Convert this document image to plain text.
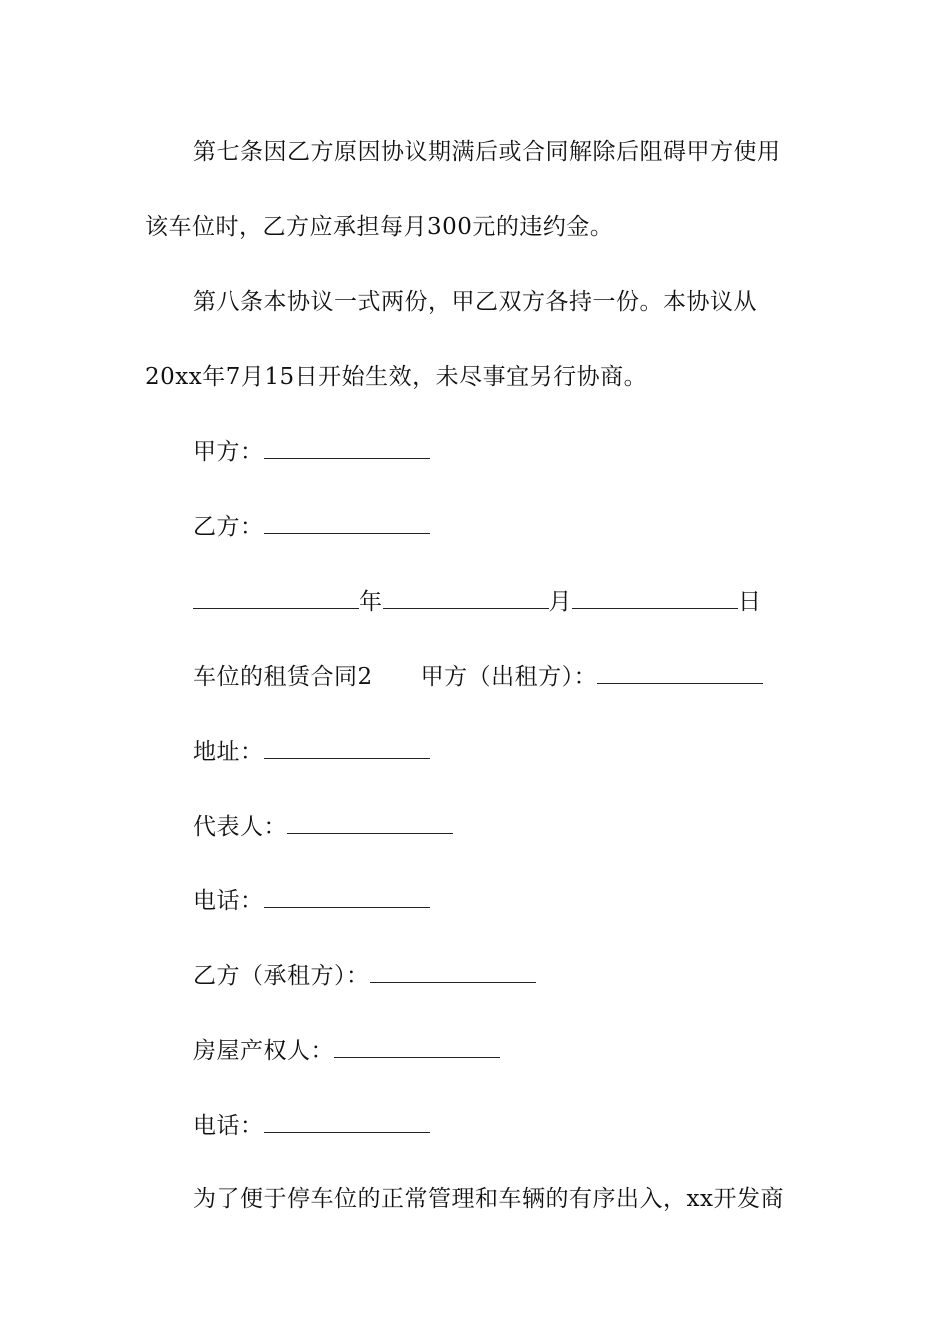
第七条因乙方原因协议期满后或合同解除后阻碍甲方使用
该车位时，乙方应承担每月300元的违约金。
第八条本协议一式两份，甲乙双方各持一份。本协议从
20xx年7月15日开始生效，未尽事宜另行协商。
甲方：
乙方：
年	月	日
车位的租赁合同2 甲方（出租方）：
地址：
代表人：
电话：
乙方（承租方）：
房屋产权人：
电话：
为了便于停车位的正常管理和车辆的有序出入，xx开发商
